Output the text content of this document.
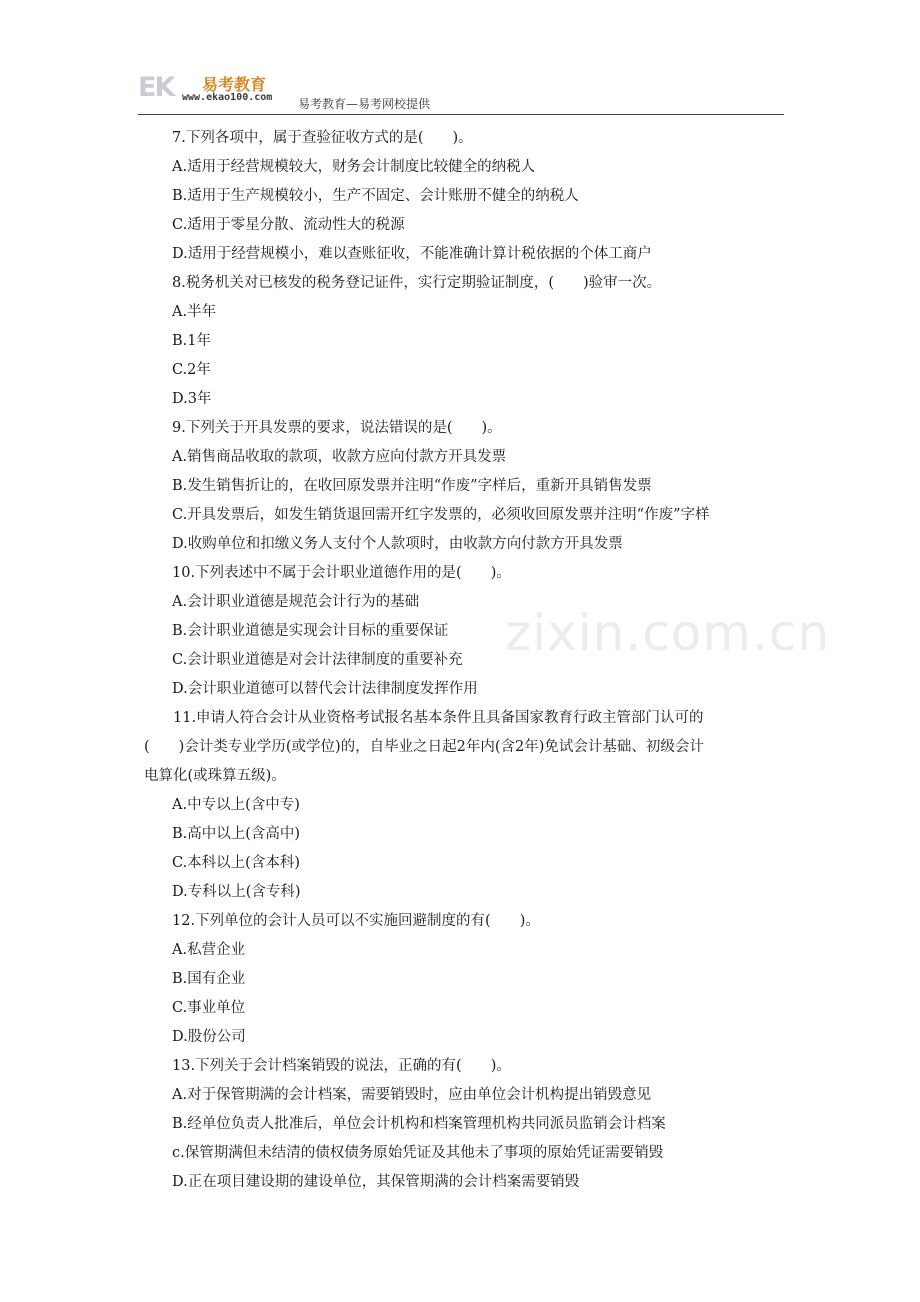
EK	易考教育
www.ekao100.com 易考教育—易考网校提供
zixin.com.cn
7.下列各项中，属于查验征收方式的是(　　)。
A.适用于经营规模较大，财务会计制度比较健全的纳税人
B.适用于生产规模较小，生产不固定、会计账册不健全的纳税人
C.适用于零星分散、流动性大的税源
D.适用于经营规模小，难以查账征收，不能准确计算计税依据的个体工商户
8.税务机关对已核发的税务登记证件，实行定期验证制度，(　　)验审一次。
A.半年
B.1年
C.2年
D.3年
9.下列关于开具发票的要求，说法错误的是(　　)。
A.销售商品收取的款项，收款方应向付款方开具发票
B.发生销售折让的，在收回原发票并注明“作废”字样后，重新开具销售发票
C.开具发票后，如发生销货退回需开红字发票的，必须收回原发票并注明“作废”字样
D.收购单位和扣缴义务人支付个人款项时，由收款方向付款方开具发票
10.下列表述中不属于会计职业道德作用的是(　　)。
A.会计职业道德是规范会计行为的基础
B.会计职业道德是实现会计目标的重要保证
C.会计职业道德是对会计法律制度的重要补充
D.会计职业道德可以替代会计法律制度发挥作用
　　11.申请人符合会计从业资格考试报名基本条件且具备国家教育行政主管部门认可的
(　　)会计类专业学历(或学位)的，自毕业之日起2年内(含2年)免试会计基础、初级会计
电算化(或珠算五级)。
A.中专以上(含中专)
B.高中以上(含高中)
C.本科以上(含本科)
D.专科以上(含专科)
12.下列单位的会计人员可以不实施回避制度的有(　　)。
A.私营企业
B.国有企业
C.事业单位
D.股份公司
13.下列关于会计档案销毁的说法，正确的有(　　)。
A.对于保管期满的会计档案，需要销毁时，应由单位会计机构提出销毁意见
B.经单位负责人批准后，单位会计机构和档案管理机构共同派员监销会计档案
c.保管期满但未结清的债权债务原始凭证及其他未了事项的原始凭证需要销毁
D.正在项目建设期的建设单位，其保管期满的会计档案需要销毁
